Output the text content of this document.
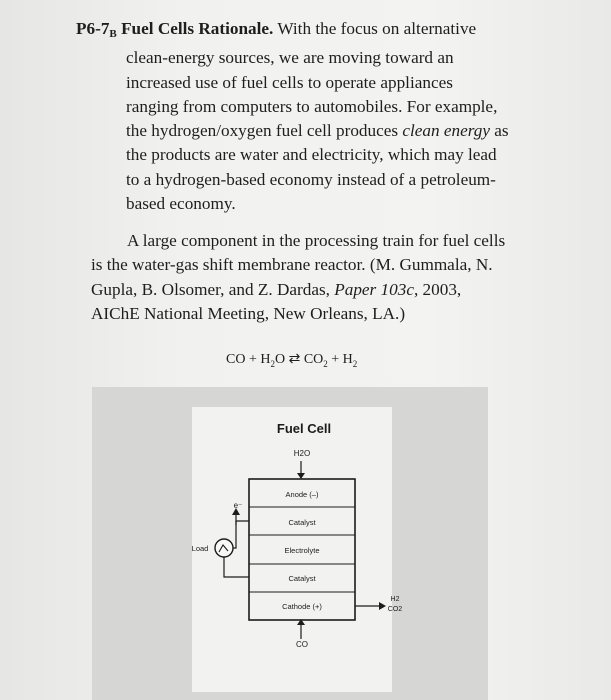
$P6-7_B$ Fuel Cells Rationale. With the focus on alternative
clean-energy sources, we are moving toward an
increased use of fuel cells to operate appliances
ranging from computers to automobiles. For example,
the hydrogen/oxygen fuel cell produces clean energy as
the products are water and electricity, which may lead
to a hydrogen-based economy instead of a petroleum-
based economy.
A large component in the processing train for fuel cells
is the water-gas shift membrane reactor. (M. Gummala, N.
Gupla, B. Olsomer, and Z. Dardas, Paper 103c, 2003,
AIChE National Meeting, New Orleans, LA.)
CO + $H_2O$ ⇄ $CO_2 + H_2$
Fuel Cell
H2O
Anode (–)
Catalyst
Electrolyte
Catalyst
Cathode (+)
e⁻
Load
H2
CO2
CO
